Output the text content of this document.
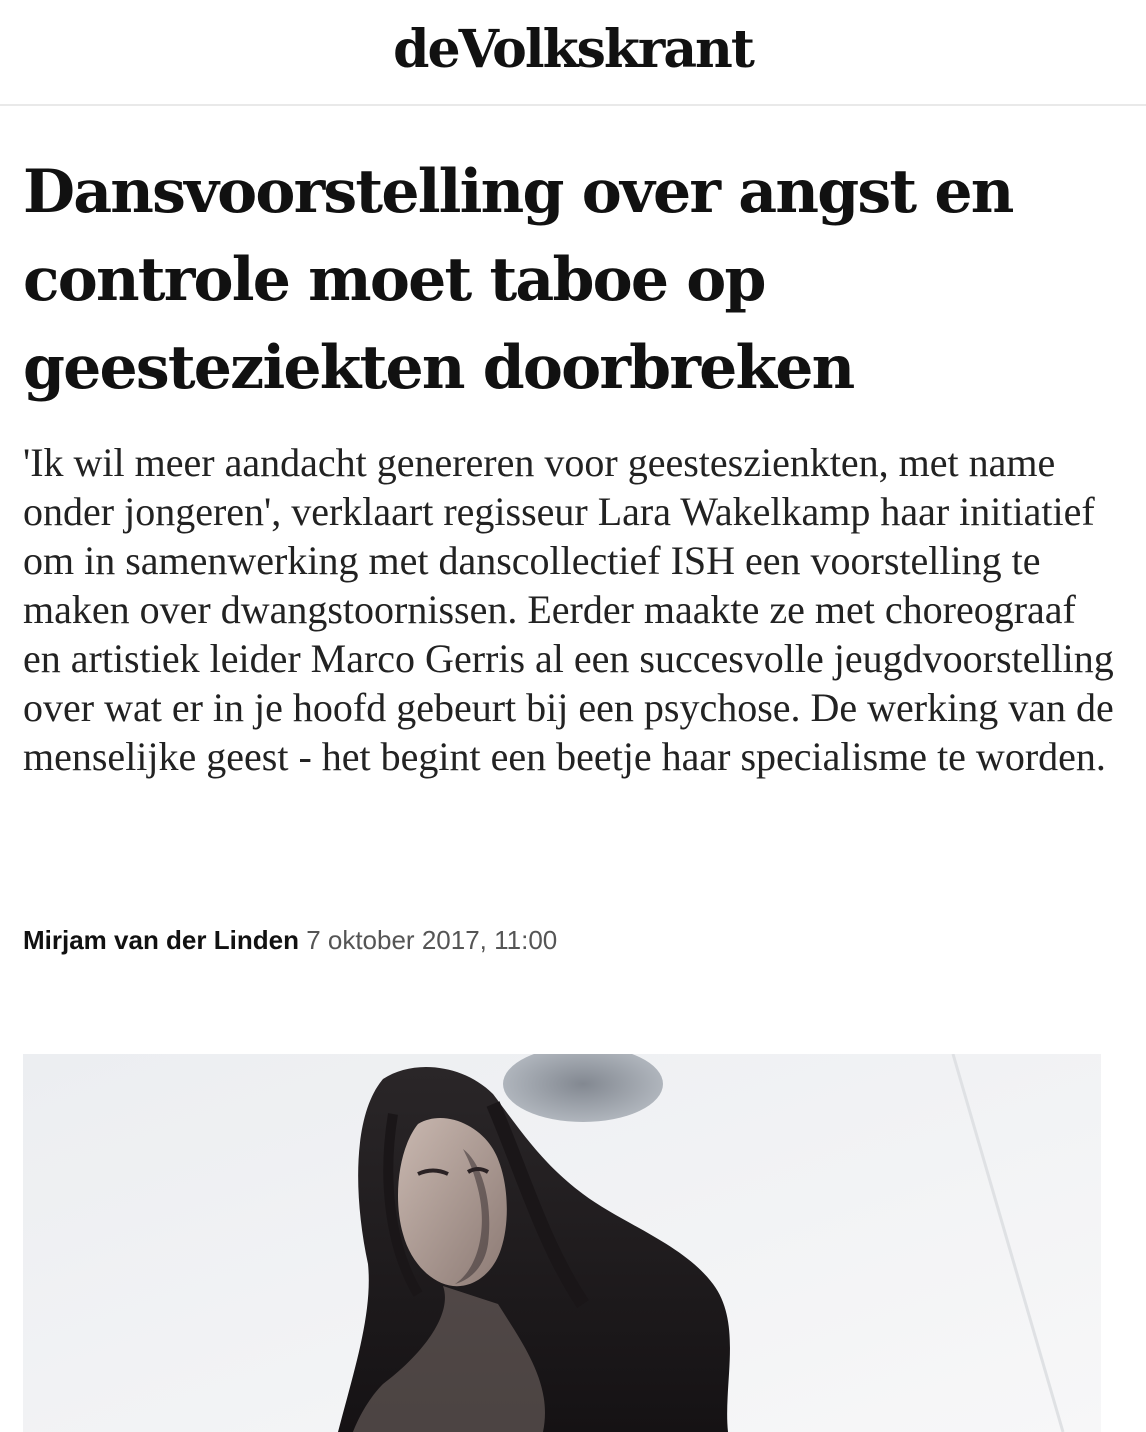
deVolkskrant
Dansvoorstelling over angst en controle moet taboe op geesteziekten doorbreken

'Ik wil meer aandacht genereren voor geesteszienkten, met name onder jongeren', verklaart regisseur Lara Wakelkamp haar initiatief om in samenwerking met danscollectief ISH een voorstelling te maken over dwangstoornissen. Eerder maakte ze met choreograaf en artistiek leider Marco Gerris al een succesvolle jeugdvoorstelling over wat er in je hoofd gebeurt bij een psychose. De werking van de menselijke geest - het begint een beetje haar specialisme te worden.

Mirjam van der Linden 7 oktober 2017, 11:00
